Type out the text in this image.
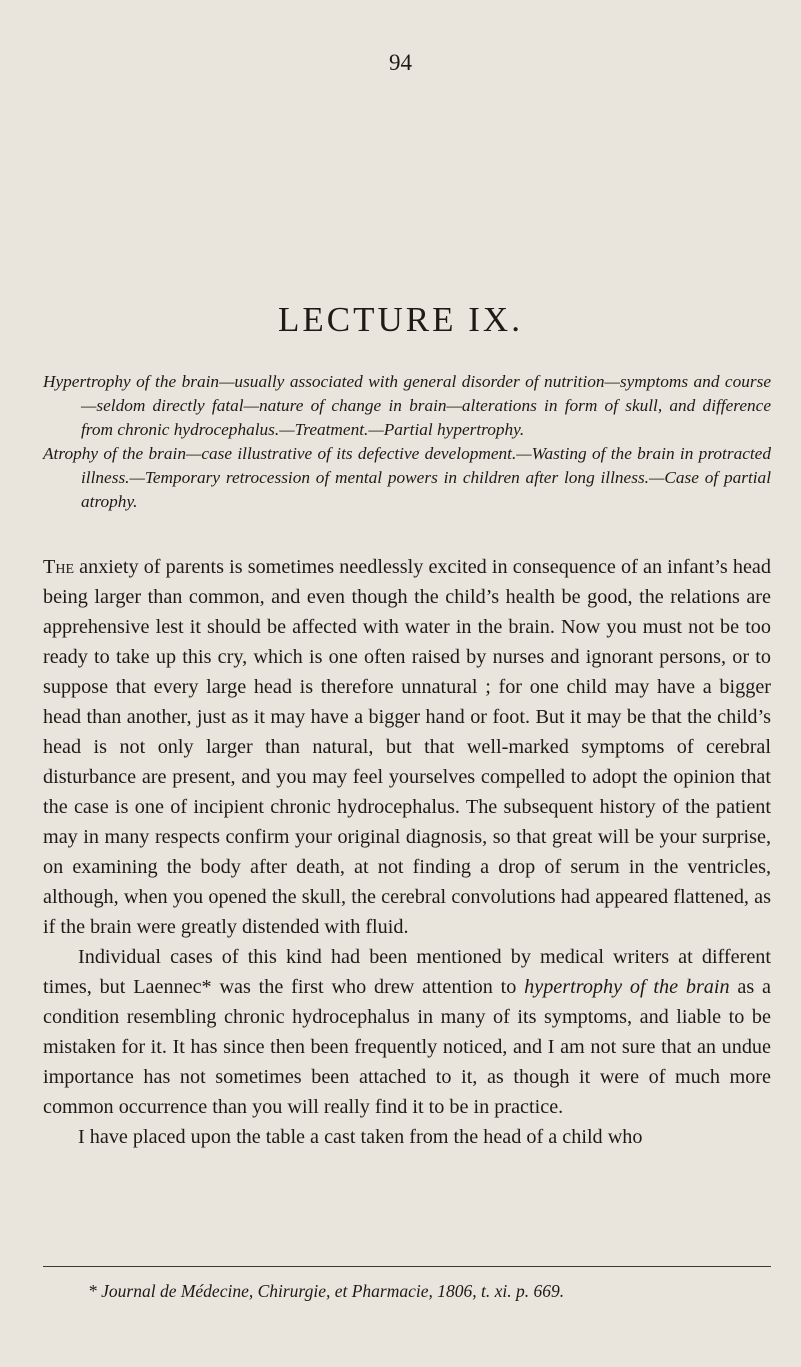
94
LECTURE IX.

Hypertrophy of the brain—usually associated with general disorder of nutrition—symptoms and course—seldom directly fatal—nature of change in brain—alterations in form of skull, and difference from chronic hydrocephalus.—Treatment.—Partial hypertrophy.

Atrophy of the brain—case illustrative of its defective development.—Wasting of the brain in protracted illness.—Temporary retrocession of mental powers in children after long illness.—Case of partial atrophy.

The anxiety of parents is sometimes needlessly excited in consequence of an infant’s head being larger than common, and even though the child’s health be good, the relations are apprehensive lest it should be affected with water in the brain. Now you must not be too ready to take up this cry, which is one often raised by nurses and ignorant persons, or to suppose that every large head is therefore unnatural ; for one child may have a bigger head than another, just as it may have a bigger hand or foot. But it may be that the child’s head is not only larger than natural, but that well-marked symptoms of cerebral disturbance are present, and you may feel yourselves compelled to adopt the opinion that the case is one of incipient chronic hydrocephalus. The subsequent history of the patient may in many respects confirm your original diagnosis, so that great will be your surprise, on examining the body after death, at not finding a drop of serum in the ventricles, although, when you opened the skull, the cerebral convolutions had appeared flattened, as if the brain were greatly distended with fluid.

Individual cases of this kind had been mentioned by medical writers at different times, but Laennec* was the first who drew attention to hypertrophy of the brain as a condition resembling chronic hydrocephalus in many of its symptoms, and liable to be mistaken for it. It has since then been frequently noticed, and I am not sure that an undue importance has not sometimes been attached to it, as though it were of much more common occurrence than you will really find it to be in practice.

I have placed upon the table a cast taken from the head of a child who

* Journal de Médecine, Chirurgie, et Pharmacie, 1806, t. xi. p. 669.
